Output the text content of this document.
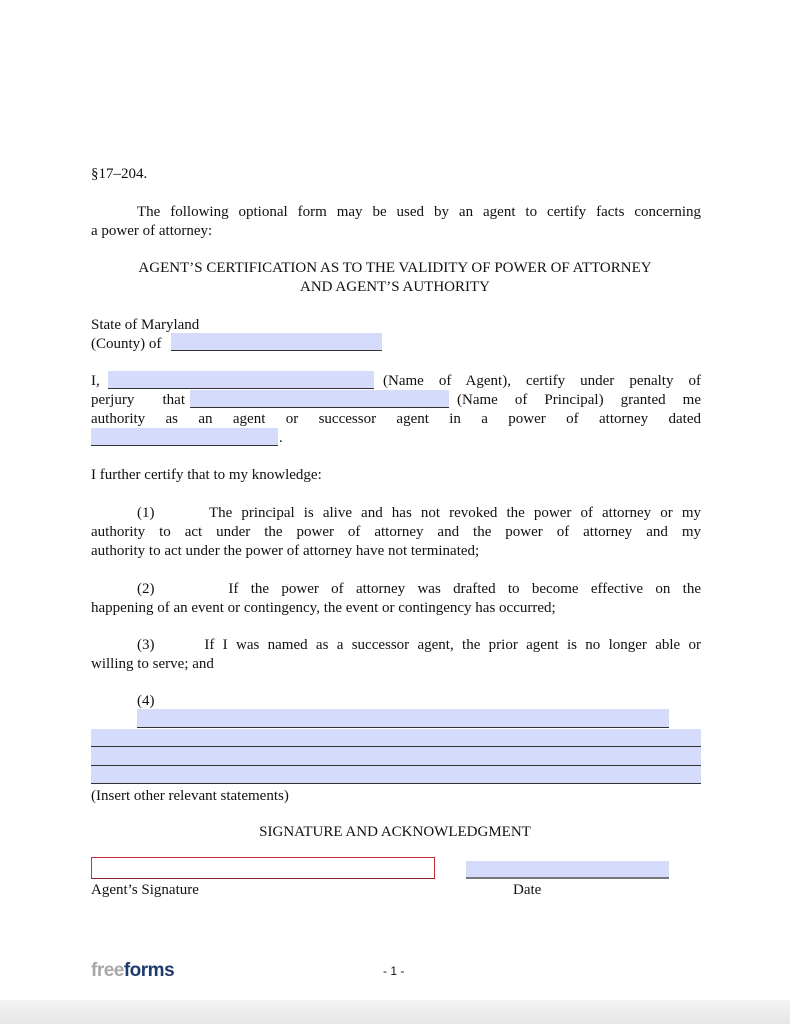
§17–204.
The following optional form may be used by an agent to certify facts concerning
a power of attorney:
AGENT’S CERTIFICATION AS TO THE VALIDITY OF POWER OF ATTORNEY
AND AGENT’S AUTHORITY
State of Maryland
(County) of
I,	(Name of Agent), certify under penalty of
perjury that	(Name of Principal) granted me
authority as an agent or successor agent in a power of attorney dated
.
I further certify that to my knowledge:
(1)      The principal is alive and has not revoked the power of attorney or my
authority to act under the power of attorney and the power of attorney and my
authority to act under the power of attorney have not terminated;
(2)      If the power of attorney was drafted to become effective on the
happening of an event or contingency, the event or contingency has occurred;
(3)      If I was named as a successor agent, the prior agent is no longer able or
willing to serve; and
(4)
(Insert other relevant statements)
SIGNATURE AND ACKNOWLEDGMENT
Agent’s Signature	Date
freeforms	- 1 -
